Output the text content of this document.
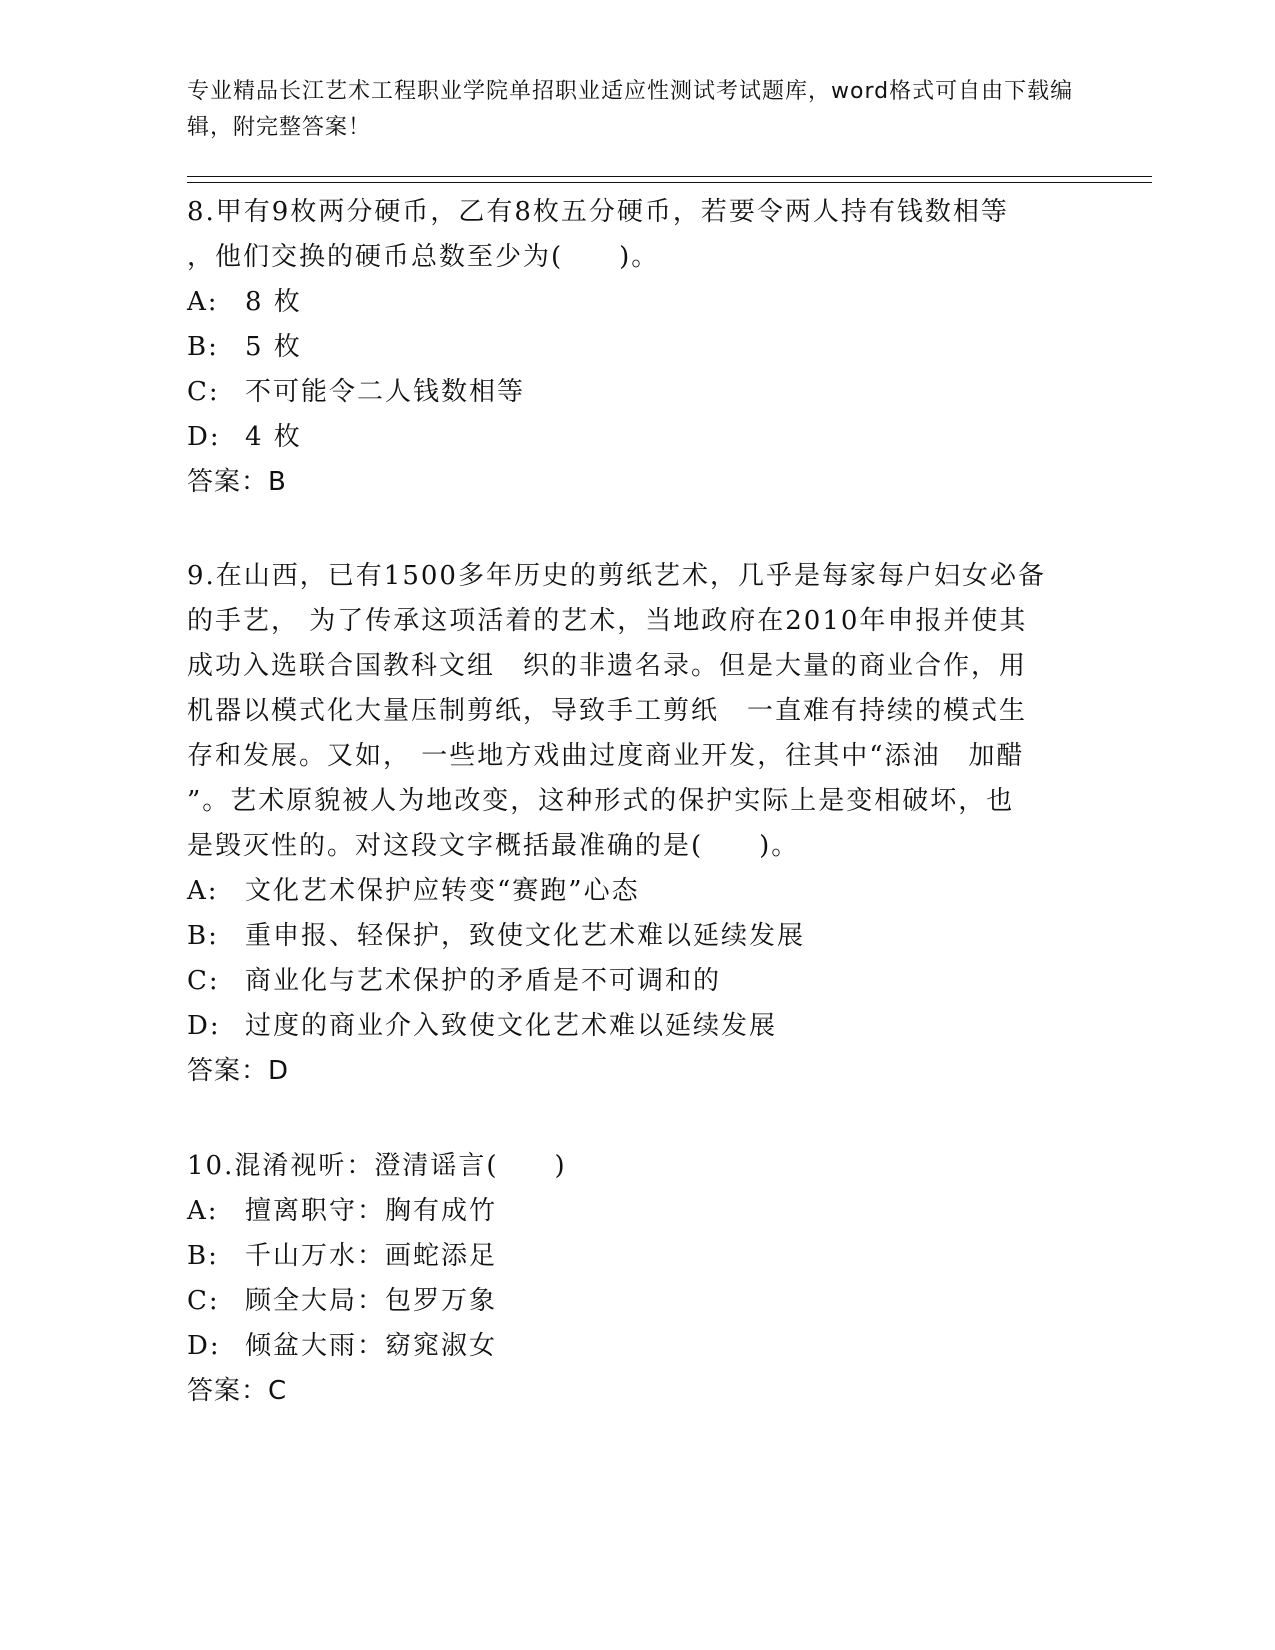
专业精品长江艺术工程职业学院单招职业适应性测试考试题库，word格式可自由下载编辑，附完整答案！
8.甲有9枚两分硬币，乙有8枚五分硬币，若要令两人持有钱数相等
，他们交换的硬币总数至少为(　　)。
A: 8 枚
B: 5 枚
C: 不可能令二人钱数相等
D: 4 枚
答案：B
9.在山西，已有1500多年历史的剪纸艺术，几乎是每家每户妇女必备
的手艺， 为了传承这项活着的艺术，当地政府在2010年申报并使其
成功入选联合国教科文组　织的非遗名录。但是大量的商业合作，用
机器以模式化大量压制剪纸，导致手工剪纸　一直难有持续的模式生
存和发展。又如， 一些地方戏曲过度商业开发，往其中“添油　加醋
”。艺术原貌被人为地改变，这种形式的保护实际上是变相破坏，也
是毁灭性的。对这段文字概括最准确的是(　　)。
A: 文化艺术保护应转变“赛跑”心态
B: 重申报、轻保护，致使文化艺术难以延续发展
C: 商业化与艺术保护的矛盾是不可调和的
D: 过度的商业介入致使文化艺术难以延续发展
答案：D
10.混淆视听：澄清谣言(　　)
A: 擅离职守：胸有成竹
B: 千山万水：画蛇添足
C: 顾全大局：包罗万象
D: 倾盆大雨：窈窕淑女
答案：C
